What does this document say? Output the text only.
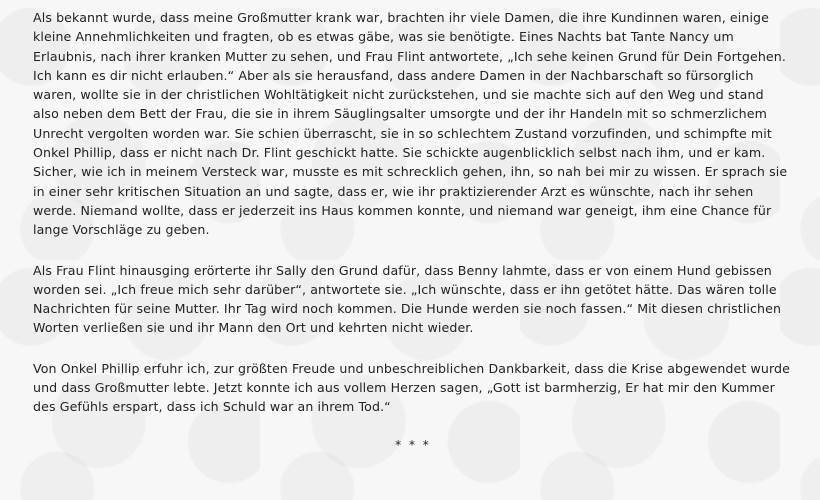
Als bekannt wurde, dass meine Großmutter krank war, brachten ihr viele Damen, die ihre Kundinnen waren, einige kleine Annehmlichkeiten und fragten, ob es etwas gäbe, was sie benötigte. Eines Nachts bat Tante Nancy um Erlaubnis, nach ihrer kranken Mutter zu sehen, und Frau Flint antwortete, „Ich sehe keinen Grund für Dein Fortgehen. Ich kann es dir nicht erlauben.“ Aber als sie herausfand, dass andere Damen in der Nachbarschaft so fürsorglich waren, wollte sie in der christlichen Wohltätigkeit nicht zurückstehen, und sie machte sich auf den Weg und stand also neben dem Bett der Frau, die sie in ihrem Säuglingsalter umsorgte und der ihr Handeln mit so schmerzlichem Unrecht vergolten worden war. Sie schien überrascht, sie in so schlechtem Zustand vorzufinden, und schimpfte mit Onkel Phillip, dass er nicht nach Dr. Flint geschickt hatte. Sie schickte augenblicklich selbst nach ihm, und er kam. Sicher, wie ich in meinem Versteck war, musste es mit schrecklich gehen, ihn, so nah bei mir zu wissen. Er sprach sie in einer sehr kritischen Situation an und sagte, dass er, wie ihr praktizierender Arzt es wünschte, nach ihr sehen werde. Niemand wollte, dass er jederzeit ins Haus kommen konnte, und niemand war geneigt, ihm eine Chance für lange Vorschläge zu geben.

Als Frau Flint hinausging erörterte ihr Sally den Grund dafür, dass Benny lahmte, dass er von einem Hund gebissen worden sei. „Ich freue mich sehr darüber“, antwortete sie. „Ich wünschte, dass er ihn getötet hätte. Das wären tolle Nachrichten für seine Mutter. Ihr Tag wird noch kommen. Die Hunde werden sie noch fassen.“ Mit diesen christlichen Worten verließen sie und ihr Mann den Ort und kehrten nicht wieder.

Von Onkel Phillip erfuhr ich, zur größten Freude und unbeschreiblichen Dankbarkeit, dass die Krise abgewendet wurde und dass Großmutter lebte. Jetzt konnte ich aus vollem Herzen sagen, „Gott ist barmherzig, Er hat mir den Kummer des Gefühls erspart, dass ich Schuld war an ihrem Tod.“

* * *
